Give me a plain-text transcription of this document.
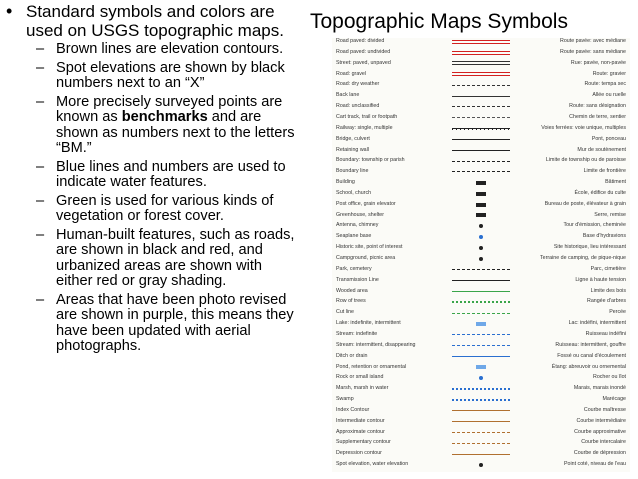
• Standard symbols and colors are used on USGS topographic maps.
– Brown lines are elevation contours.
– Spot elevations are shown by black numbers next to an “X”
– More precisely surveyed points are known as benchmarks and are shown as numbers next to the letters “BM.”
– Blue lines and numbers are used to indicate water features.
– Green is used for various kinds of vegetation or forest cover.
– Human-built features, such as roads, are shown in black and red, and urbanized areas are shown with either red or gray shading.
– Areas that have been photo revised are shown in purple, this means they have been updated with aerial photographs.
Topographic Maps Symbols
Road paved: divided	Route pavée: avec médiane
Road paved: undivided	Route pavée: sans médiane
Street: paved, unpaved	Rue: pavée, non-pavée
Road: gravel	Route: gravier
Road: dry weather	Route: tempa sec
Back lane	Allée ou ruelle
Road: unclassified	Route: sans désignation
Cart track, trail or footpath	Chemin de terre, sentier
Railway: single, multiple	Voies ferrées: voie unique, multiples
Bridge, culvert	Pont, ponceau
Retaining wall	Mur de soutènement
Boundary: township or parish	Limite de township ou de paroisse
Boundary line	Limite de frontière
Building	Bâtiment
School, church	École, édifice du culte
Post office, grain elevator	Bureau de poste, élévateur à grain
Greenhouse, shelter	Serre, remise
Antenna, chimney	Tour d'émission, cheminée
Seaplane base	Base d'hydravions
Historic site, point of interest	Site historique, lieu intéressant
Campground, picnic area	Terraine de camping, de pique-nique
Park, cemetery	Parc, cimetière
Transmission Line	Ligne à haute tension
Wooded area	Limite des bois
Row of trees	Rangée d'arbres
Cut line	Percée
Lake: indefinite, intermittent	Lac: indéfini, intermittent
Stream: indefinite	Ruisseau indéfini
Stream: intermittent, disappearing	Ruisseau: intermittent, gouffre
Ditch or drain	Fossé ou canal d'écoulement
Pond, retention or ornamental	Étang: abreuvoir ou ornemental
Rock or small island	Rocher ou îlot
Marsh, marsh in water	Marais, marais inondé
Swamp	Marécage
Index Contour	Courbe maîtresse
Intermediate contour	Courbe intermédiaire
Approximate contour	Courbe approximative
Supplementary contour	Courbe intercalaire
Depression contour	Courbe de dépression
Spot elevation, water elevation	Point coté, niveau de l'eau
